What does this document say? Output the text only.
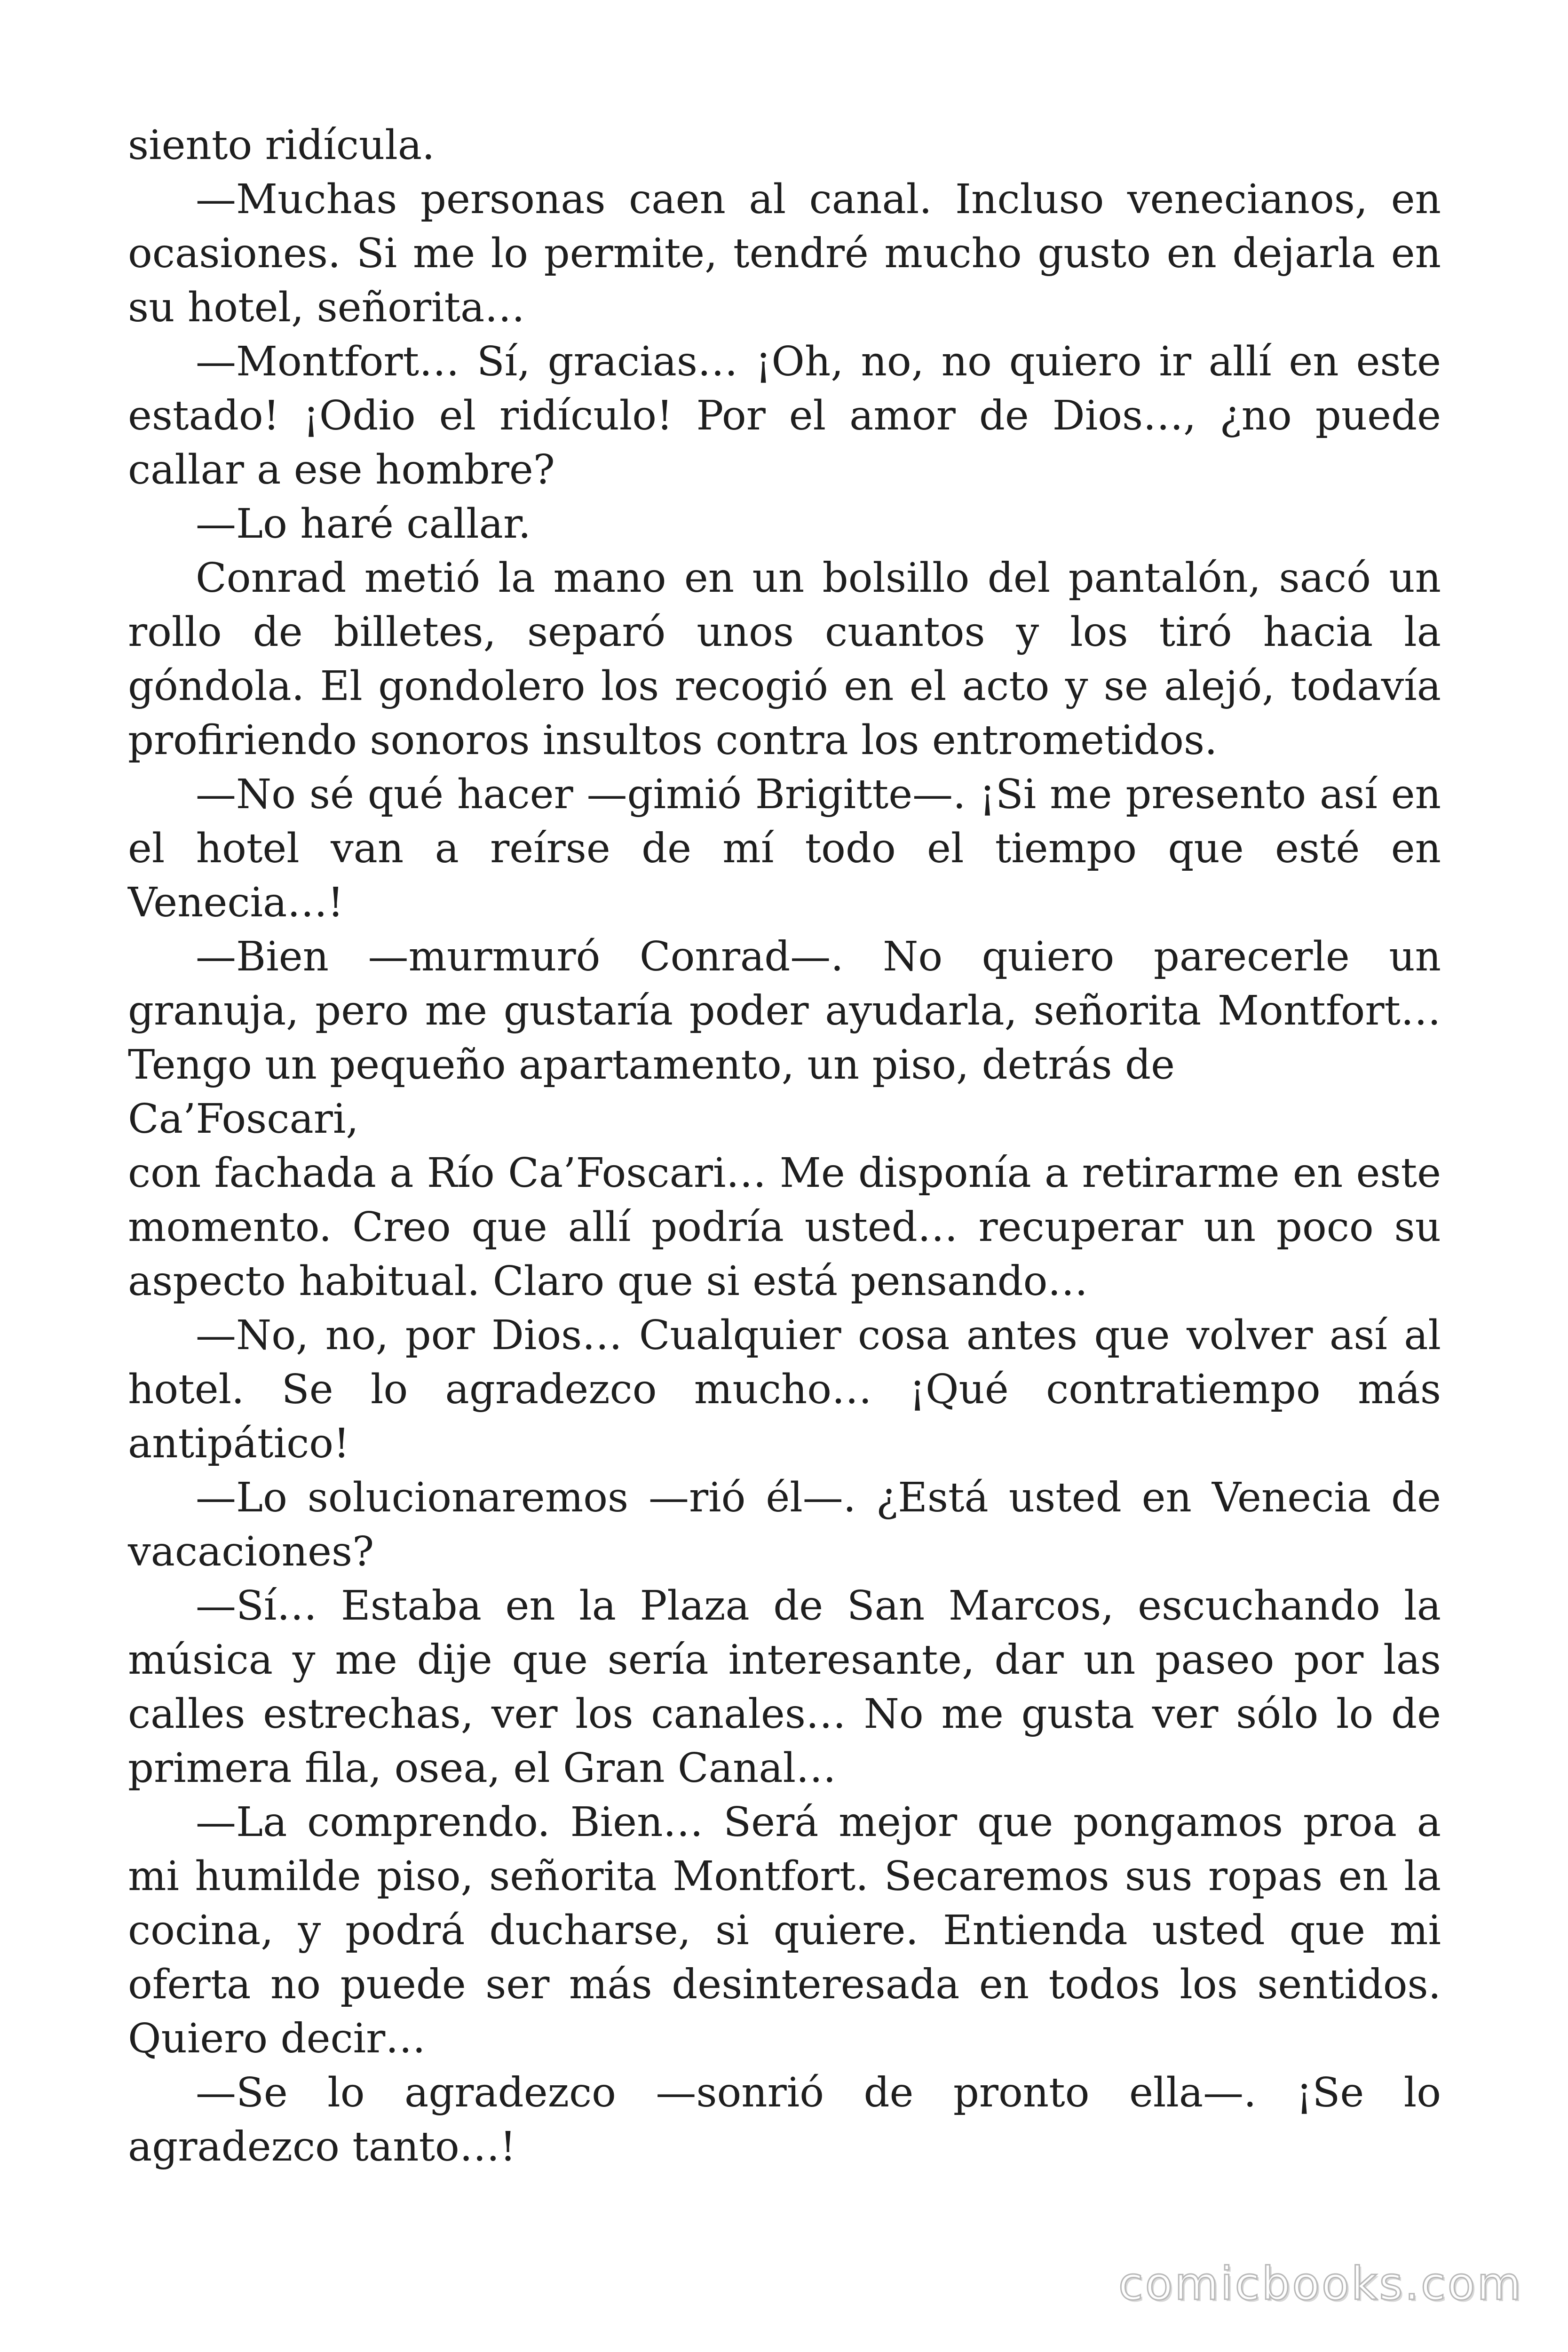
siento ridícula.

—Muchas personas caen al canal. Incluso venecianos, en ocasiones. Si me lo permite, tendré mucho gusto en dejarla en su hotel, señorita…

—Montfort… Sí, gracias… ¡Oh, no, no quiero ir allí en este estado! ¡Odio el ridículo! Por el amor de Dios…, ¿no puede callar a ese hombre?

—Lo haré callar.

Conrad metió la mano en un bolsillo del pantalón, sacó un rollo de billetes, separó unos cuantos y los tiró hacia la góndola. El gondolero los recogió en el acto y se alejó, todavía profiriendo sonoros insultos contra los entrometidos.

—No sé qué hacer —gimió Brigitte—. ¡Si me presento así en el hotel van a reírse de mí todo el tiempo que esté en Venecia…!

—Bien —murmuró Conrad—. No quiero parecerle un granuja, pero me gustaría poder ayudarla, señorita Montfort… Tengo un pequeño apartamento, un piso, detrás de

Ca’Foscari,

con fachada a Río Ca’Foscari… Me disponía a retirarme en este momento. Creo que allí podría usted… recuperar un poco su aspecto habitual. Claro que si está pensando…

—No, no, por Dios… Cualquier cosa antes que volver así al hotel. Se lo agradezco mucho… ¡Qué contratiempo más antipático!

—Lo solucionaremos —rió él—. ¿Está usted en Venecia de vacaciones?

—Sí… Estaba en la Plaza de San Marcos, escuchando la música y me dije que sería interesante, dar un paseo por las calles estrechas, ver los canales… No me gusta ver sólo lo de primera fila, osea, el Gran Canal…

—La comprendo. Bien… Será mejor que pongamos proa a mi humilde piso, señorita Montfort. Secaremos sus ropas en la cocina, y podrá ducharse, si quiere. Entienda usted que mi oferta no puede ser más desinteresada en todos los sentidos. Quiero decir…

—Se lo agradezco —sonrió de pronto ella—. ¡Se lo agradezco tanto…!

comicbooks.com
